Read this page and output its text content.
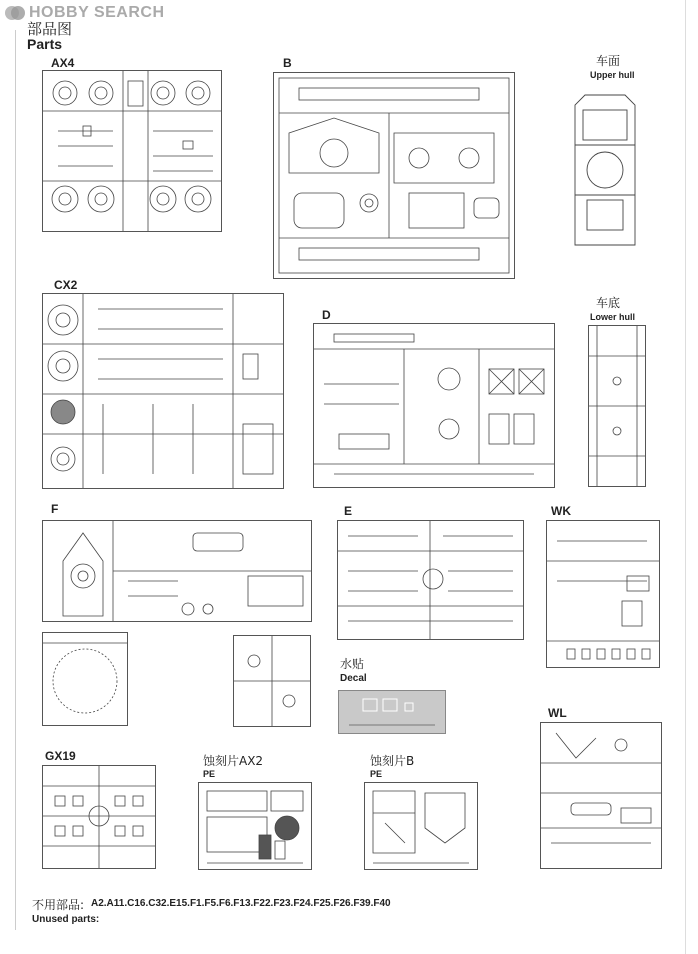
HOBBY SEARCH
部品图
Parts
AX4	B
CX2
D
F	E	WK
WL
GX19
车面
Upper hull
车底
Lower hull
水贴
Decal
蚀刻片AX2
PE
蚀刻片B
PE
不用部品: A2.A11.C16.C32.E15.F1.F5.F6.F13.F22.F23.F24.F25.F26.F39.F40
Unused parts:
